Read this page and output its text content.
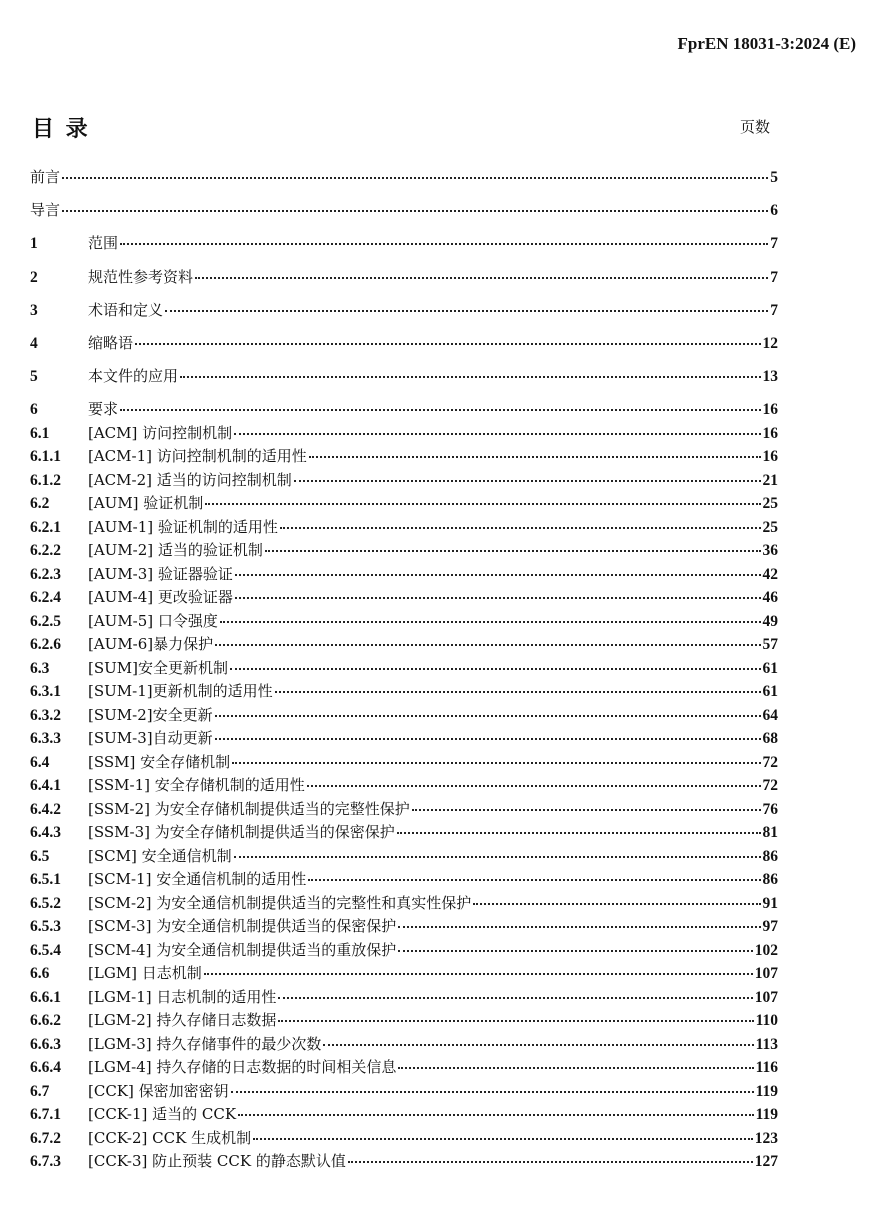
FprEN 18031-3:2024 (E)
目 录	页数
前言	5
导言	6
1	范围	7
2	规范性参考资料	7
3	术语和定义	7
4	缩略语	12
5	本文件的应用	13
6	要求	16
6.1	[ACM] 访问控制机制	16
6.1.1	[ACM-1] 访问控制机制的适用性	16
6.1.2	[ACM-2] 适当的访问控制机制	21
6.2	[AUM] 验证机制	25
6.2.1	[AUM-1] 验证机制的适用性	25
6.2.2	[AUM-2] 适当的验证机制	36
6.2.3	[AUM-3] 验证器验证	42
6.2.4	[AUM-4] 更改验证器	46
6.2.5	[AUM-5] 口令强度	49
6.2.6	[AUM-6]暴力保护	57
6.3	[SUM]安全更新机制	61
6.3.1	[SUM-1]更新机制的适用性	61
6.3.2	[SUM-2]安全更新	64
6.3.3	[SUM-3]自动更新	68
6.4	[SSM] 安全存储机制	72
6.4.1	[SSM-1] 安全存储机制的适用性	72
6.4.2	[SSM-2] 为安全存储机制提供适当的完整性保护	76
6.4.3	[SSM-3] 为安全存储机制提供适当的保密保护	81
6.5	[SCM] 安全通信机制	86
6.5.1	[SCM-1] 安全通信机制的适用性	86
6.5.2	[SCM-2] 为安全通信机制提供适当的完整性和真实性保护	91
6.5.3	[SCM-3] 为安全通信机制提供适当的保密保护	97
6.5.4	[SCM-4] 为安全通信机制提供适当的重放保护	102
6.6	[LGM] 日志机制	107
6.6.1	[LGM-1] 日志机制的适用性	107
6.6.2	[LGM-2] 持久存储日志数据	110
6.6.3	[LGM-3] 持久存储事件的最少次数	113
6.6.4	[LGM-4] 持久存储的日志数据的时间相关信息	116
6.7	[CCK] 保密加密密钥	119
6.7.1	[CCK-1] 适当的 CCK	119
6.7.2	[CCK-2] CCK 生成机制	123
6.7.3	[CCK-3] 防止预装 CCK 的静态默认值	127
